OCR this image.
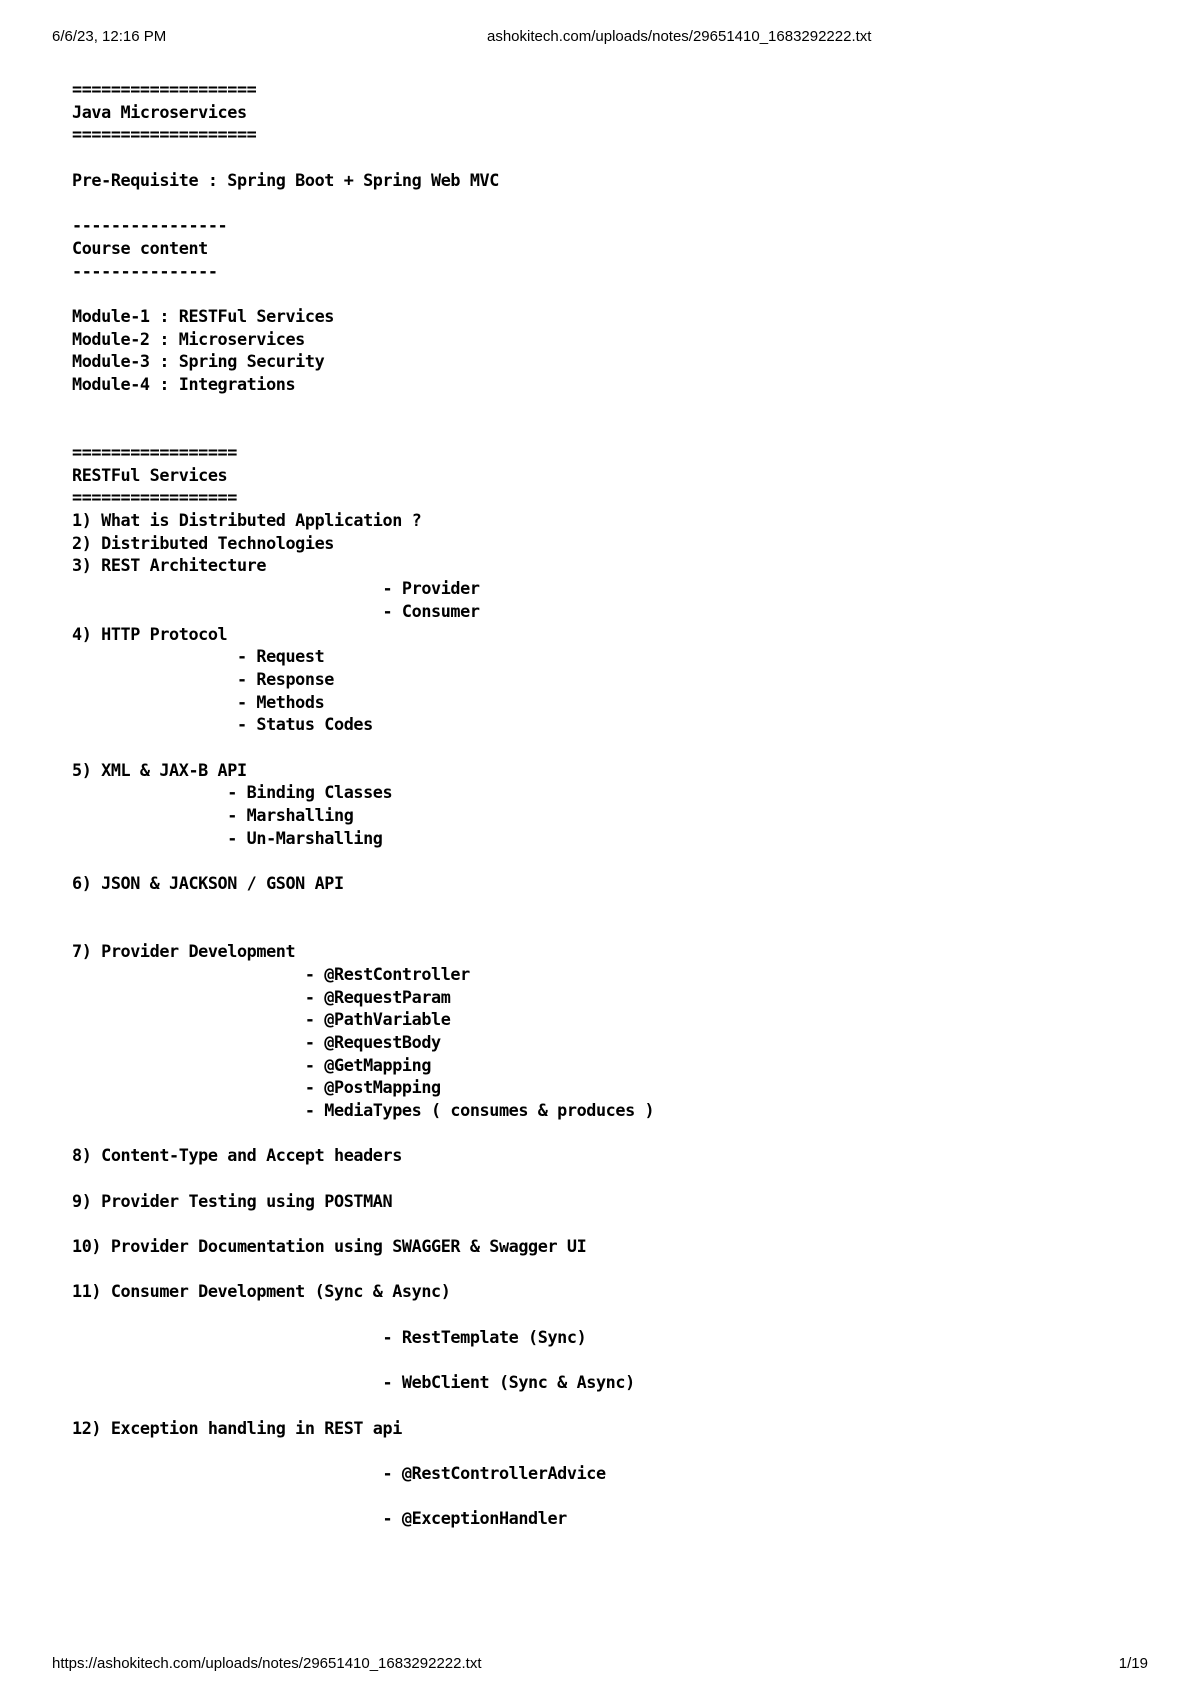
6/6/23, 12:16 PM	ashokitech.com/uploads/notes/29651410_1683292222.txt
===================
Java Microservices
===================
Pre-Requisite : Spring Boot + Spring Web MVC
----------------
Course content
---------------
Module-1 : RESTFul Services
Module-2 : Microservices
Module-3 : Spring Security
Module-4 : Integrations
=================
RESTFul Services
=================
1) What is Distributed Application ?
2) Distributed Technologies
3) REST Architecture
- Provider
- Consumer
4) HTTP Protocol
- Request
- Response
- Methods
- Status Codes
5) XML & JAX-B API
- Binding Classes
- Marshalling
- Un-Marshalling
6) JSON & JACKSON / GSON API
7) Provider Development
- @RestController
- @RequestParam
- @PathVariable
- @RequestBody
- @GetMapping
- @PostMapping
- MediaTypes ( consumes & produces )
8) Content-Type and Accept headers
9) Provider Testing using POSTMAN
10) Provider Documentation using SWAGGER & Swagger UI
11) Consumer Development (Sync & Async)
- RestTemplate (Sync)
- WebClient (Sync & Async)
12) Exception handling in REST api
- @RestControllerAdvice
- @ExceptionHandler
https://ashokitech.com/uploads/notes/29651410_1683292222.txt	1/19
